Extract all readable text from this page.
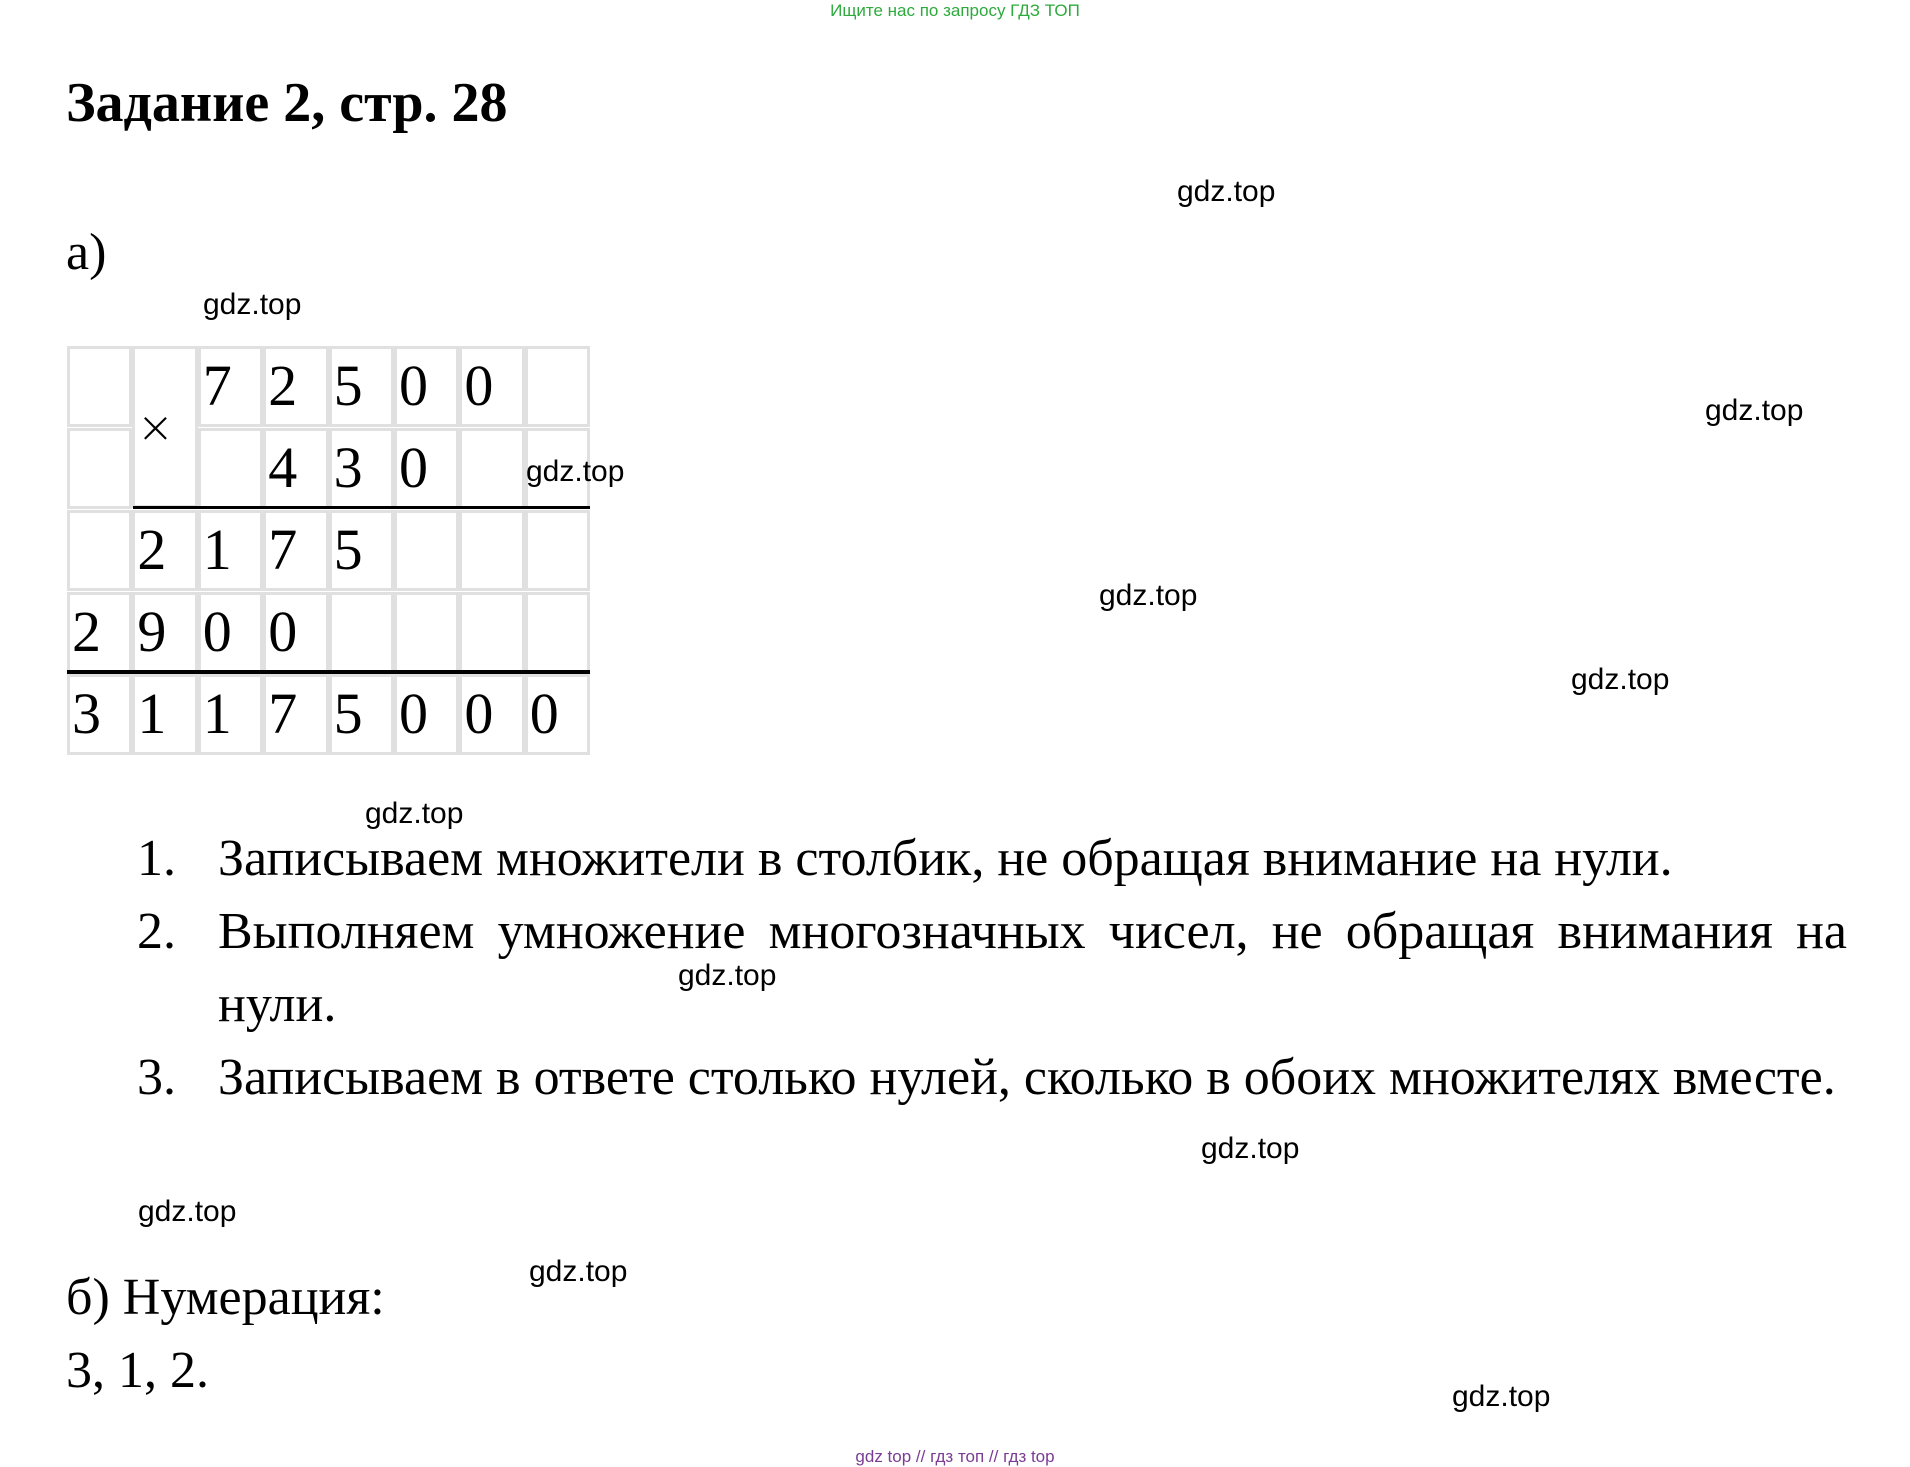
Ищите нас по запросу ГДЗ ТОП
Задание 2, стр. 28
а)
7 2 5 0 0
4 3 0
2 1 7 5
2 9 0 0
3 1 1 7 5 0 0 0
×
1. Записываем множители в столбик, не обращая внимание на нули.
2. Выполняем умножение многозначных чисел, не обращая внимания на нули.
3. Записываем в ответе столько нулей, сколько в обоих множителях вместе.
б) Нумерация:
3, 1, 2.
gdz.top
gdz.top
gdz.top
gdz.top
gdz.top
gdz.top
gdz.top
gdz.top
gdz.top
gdz.top
gdz.top
gdz.top
gdz top // гдз топ // гдз top
